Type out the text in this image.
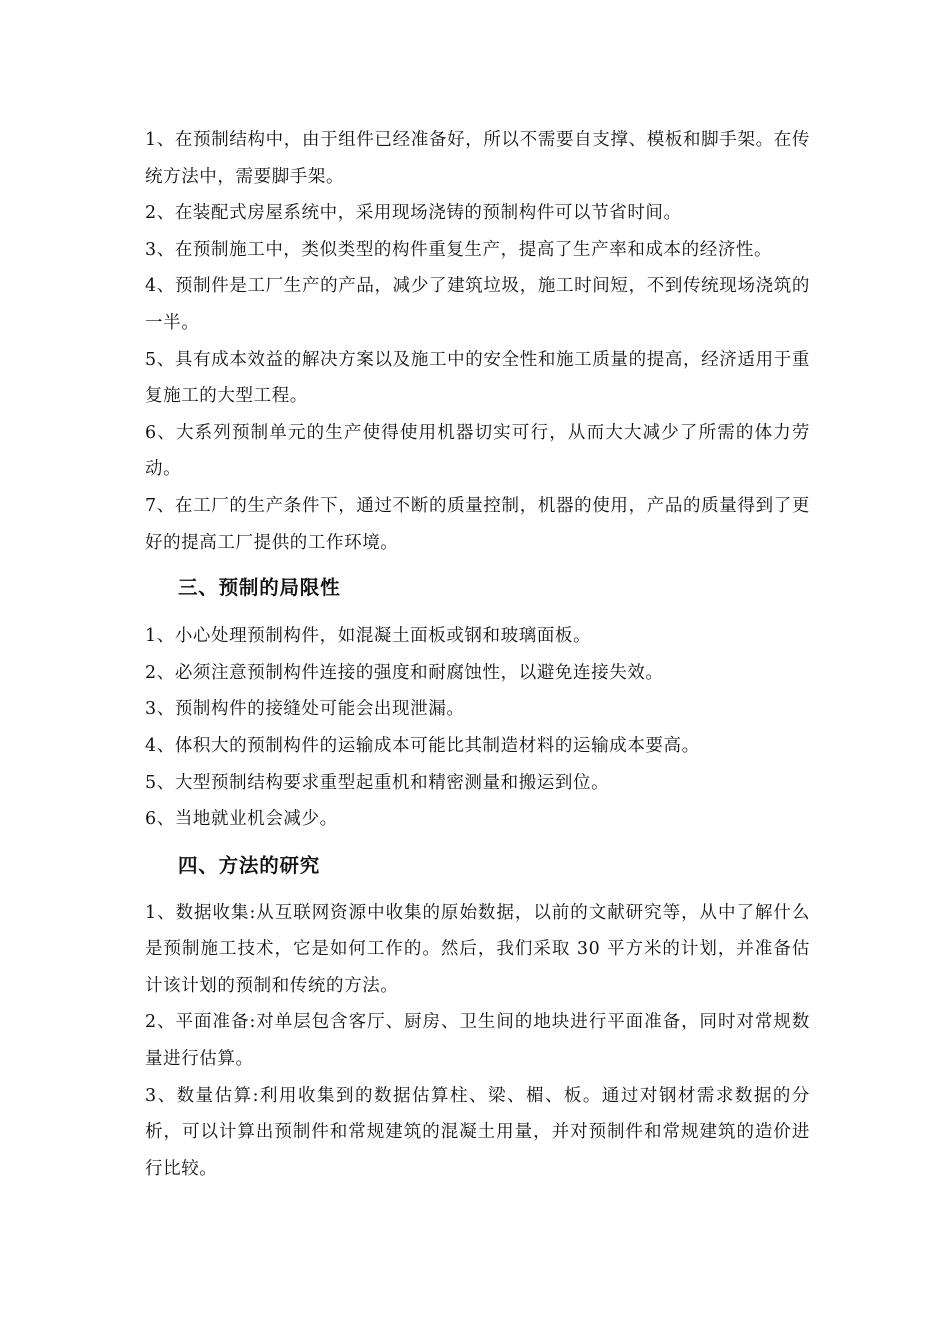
1、在预制结构中，由于组件已经准备好，所以不需要自支撑、模板和脚手架。在传统方法中，需要脚手架。

2、在装配式房屋系统中，采用现场浇铸的预制构件可以节省时间。

3、在预制施工中，类似类型的构件重复生产，提高了生产率和成本的经济性。

4、预制件是工厂生产的产品，减少了建筑垃圾，施工时间短，不到传统现场浇筑的一半。

5、具有成本效益的解决方案以及施工中的安全性和施工质量的提高，经济适用于重复施工的大型工程。

6、大系列预制单元的生产使得使用机器切实可行，从而大大减少了所需的体力劳动。

7、在工厂的生产条件下，通过不断的质量控制，机器的使用，产品的质量得到了更好的提高工厂提供的工作环境。

三、预制的局限性

1、小心处理预制构件，如混凝土面板或钢和玻璃面板。

2、必须注意预制构件连接的强度和耐腐蚀性，以避免连接失效。

3、预制构件的接缝处可能会出现泄漏。

4、体积大的预制构件的运输成本可能比其制造材料的运输成本要高。

5、大型预制结构要求重型起重机和精密测量和搬运到位。

6、当地就业机会减少。

四、方法的研究

1、数据收集:从互联网资源中收集的原始数据，以前的文献研究等，从中了解什么是预制施工技术，它是如何工作的。然后，我们采取 30 平方米的计划，并准备估计该计划的预制和传统的方法。

2、平面准备:对单层包含客厅、厨房、卫生间的地块进行平面准备，同时对常规数量进行估算。

3、数量估算:利用收集到的数据估算柱、梁、楣、板。通过对钢材需求数据的分析，可以计算出预制件和常规建筑的混凝土用量，并对预制件和常规建筑的造价进行比较。
